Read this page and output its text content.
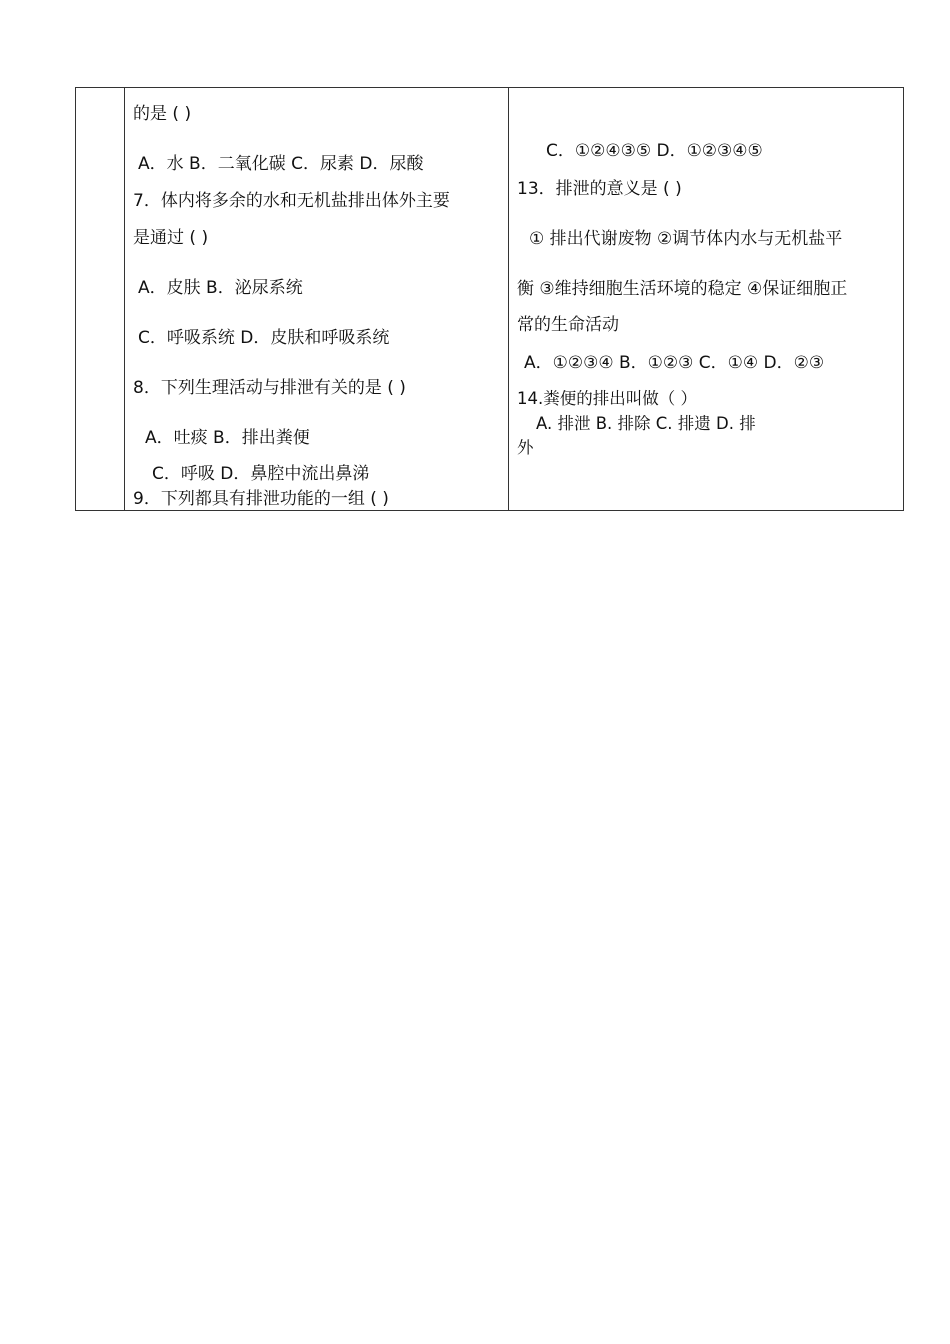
的是 ( )
A．水 B．二氧化碳 C．尿素 D．尿酸
7．体内将多余的水和无机盐排出体外主要
是通过 ( )
A．皮肤 B．泌尿系统
C．呼吸系统 D．皮肤和呼吸系统
8．下列生理活动与排泄有关的是 ( )
A．吐痰 B．排出粪便
C．呼吸 D．鼻腔中流出鼻涕
9．下列都具有排泄功能的一组 ( )
C．①②④③⑤ D．①②③④⑤
13．排泄的意义是 ( )
① 排出代谢废物 ②调节体内水与无机盐平
衡 ③维持细胞生活环境的稳定 ④保证细胞正
常的生命活动
A．①②③④ B．①②③ C．①④ D．②③
14.粪便的排出叫做（ ）
A. 排泄 B. 排除 C. 排遗 D. 排
外
